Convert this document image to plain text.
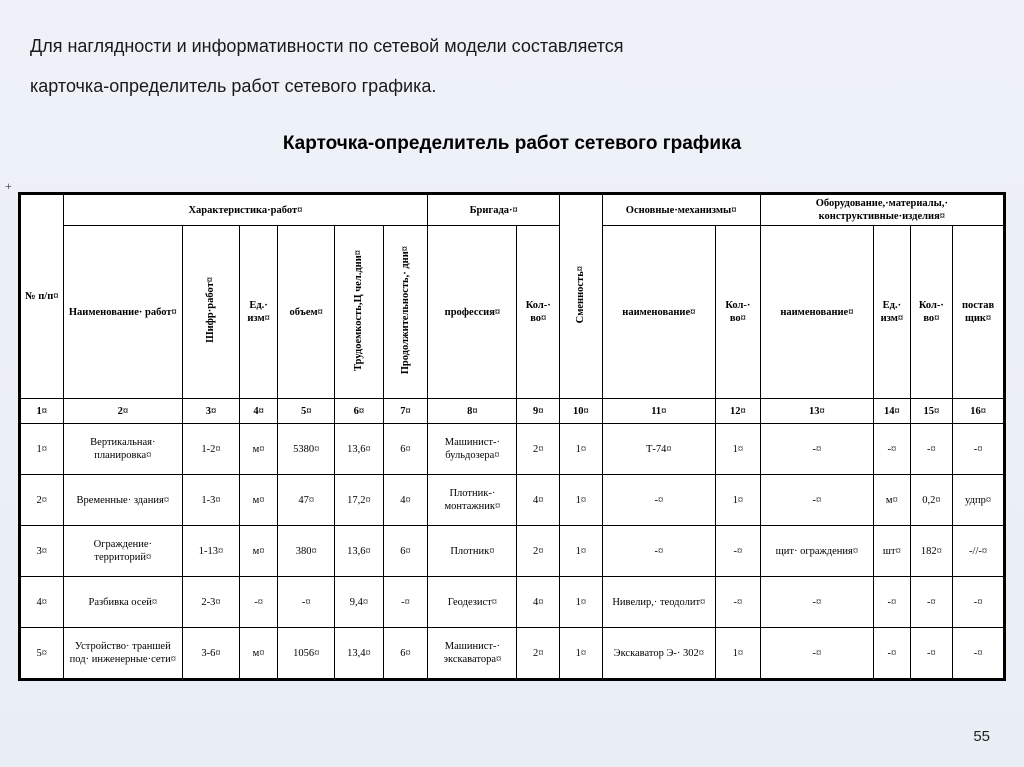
Для наглядности и информативности по сетевой модели составляется
карточка-определитель работ сетевого графика.
Карточка-определитель работ сетевого графика
+
№ п/п¤	Характеристика·работ¤						Бригада·¤		Сменность¤	Основные·механизмы¤		Оборудование,·материалы,· конструктивные·изделия¤			
	Наименование· работ¤	Шифр·работ¤	Ед.· изм¤	объем¤	Трудоемкость,Ц чел.дни¤	Продолжительность,· дни¤	профессия¤	Кол-· во¤		наименование¤	Кол-· во¤	наименование¤	Ед.· изм¤	Кол-· во¤	постав щик¤
1¤	2¤	3¤	4¤	5¤	6¤	7¤	8¤	9¤	10¤	11¤	12¤	13¤	14¤	15¤	16¤
1¤	Вертикальная· планировка¤	1-2¤	м¤	5380¤	13,6¤	6¤	Машинист-· бульдозера¤	2¤	1¤	Т-74¤	1¤	-¤	-¤	-¤	-¤
2¤	Временные· здания¤	1-3¤	м¤	47¤	17,2¤	4¤	Плотник-· монтажник¤	4¤	1¤	-¤	1¤	-¤	м¤	0,2¤	удпр¤
3¤	Ограждение· территорий¤	1-13¤	м¤	380¤	13,6¤	6¤	Плотник¤	2¤	1¤	-¤	-¤	щит· ограждения¤	шт¤	182¤	-//-¤
4¤	Разбивка осей¤	2-3¤	-¤	-¤	9,4¤	-¤	Геодезист¤	4¤	1¤	Нивелир,· теодолит¤	-¤	-¤	-¤	-¤	-¤
5¤	Устройство· траншей под· инженерные·сети¤	3-6¤	м¤	1056¤	13,4¤	6¤	Машинист-· экскаватора¤	2¤	1¤	Экскаватор Э-· 302¤	1¤	-¤	-¤	-¤	-¤
55
